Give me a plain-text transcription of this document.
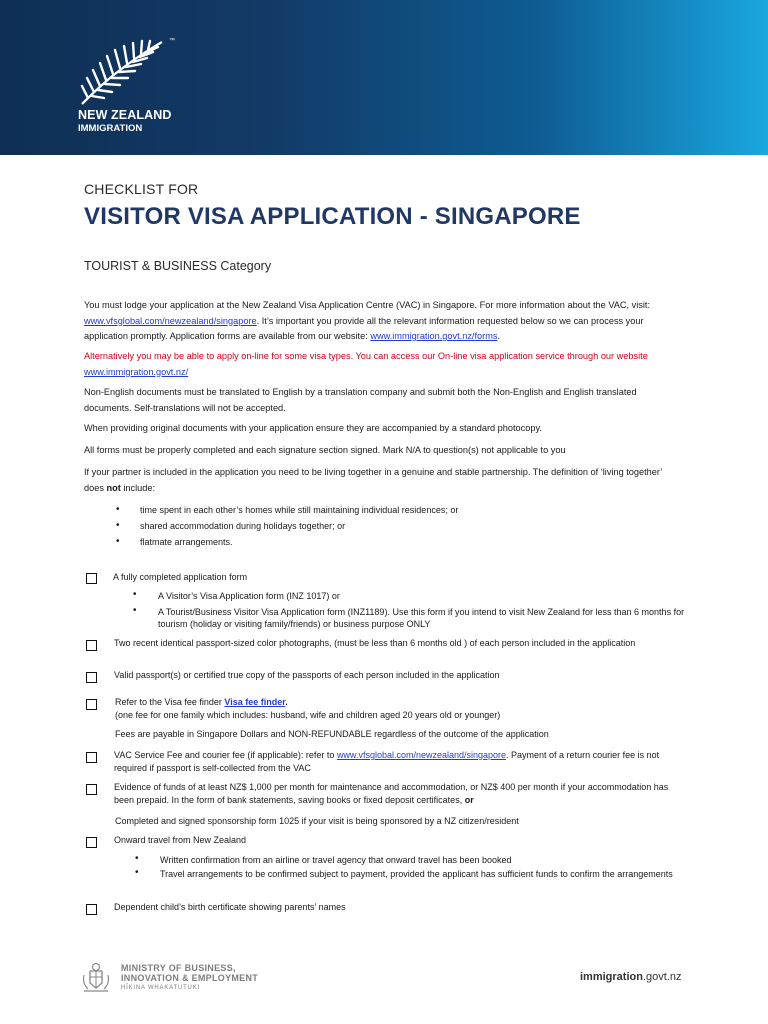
™
NEW ZEALAND
IMMIGRATION
CHECKLIST FOR
VISITOR VISA APPLICATION - SINGAPORE
TOURIST & BUSINESS Category
You must lodge your application at the New Zealand Visa Application Centre (VAC) in Singapore. For more information about the VAC, visit: www.vfsglobal.com/newzealand/singapore. It’s important you provide all the relevant information requested below so we can process your application promptly. Application forms are available from our website: www.immigration.govt.nz/forms.
Alternatively you may be able to apply on-line for some visa types. You can access our On-line visa application service through our website www.immigration.govt.nz/
Non-English documents must be translated to English by a translation company and submit both the Non-English and English translated documents. Self-translations will not be accepted.
When providing original documents with your application ensure they are accompanied by a standard photocopy.
All forms must be properly completed and each signature section signed. Mark N/A to question(s) not applicable to you
If your partner is included in the application you need to be living together in a genuine and stable partnership. The definition of ‘living together’ does not include:
• time spent in each other’s homes while still maintaining individual residences; or
• shared accommodation during holidays together; or
• flatmate arrangements.
A fully completed application form
• A Visitor’s Visa Application form (INZ 1017) or
• A Tourist/Business Visitor Visa Application form (INZ1189). Use this form if you intend to visit New Zealand for less than 6 months for tourism (holiday or visiting family/friends) or business purpose ONLY
Two recent identical passport-sized color photographs, (must be less than 6 months old ) of each person included in the application
Valid passport(s) or certified true copy of the passports of each person included in the application
Refer to the Visa fee finder Visa fee finder.
(one fee for one family which includes: husband, wife and children aged 20 years old or younger)
Fees are payable in Singapore Dollars and NON-REFUNDABLE regardless of the outcome of the application
VAC Service Fee and courier fee (if applicable): refer to www.vfsglobal.com/newzealand/singapore. Payment of a return courier fee is not required if passport is self-collected from the VAC
Evidence of funds of at least NZ$ 1,000 per month for maintenance and accommodation, or NZ$ 400 per month if your accommodation has been prepaid. In the form of bank statements, saving books or fixed deposit certificates, or
Completed and signed sponsorship form 1025 if your visit is being sponsored by a NZ citizen/resident
Onward travel from New Zealand
• Written confirmation from an airline or travel agency that onward travel has been booked
• Travel arrangements to be confirmed subject to payment, provided the applicant has sufficient funds to confirm the arrangements
Dependent child’s birth certificate showing parents’ names
MINISTRY OF BUSINESS,
INNOVATION & EMPLOYMENT
HĪKINA WHAKATUTUKI
immigration.govt.nz
